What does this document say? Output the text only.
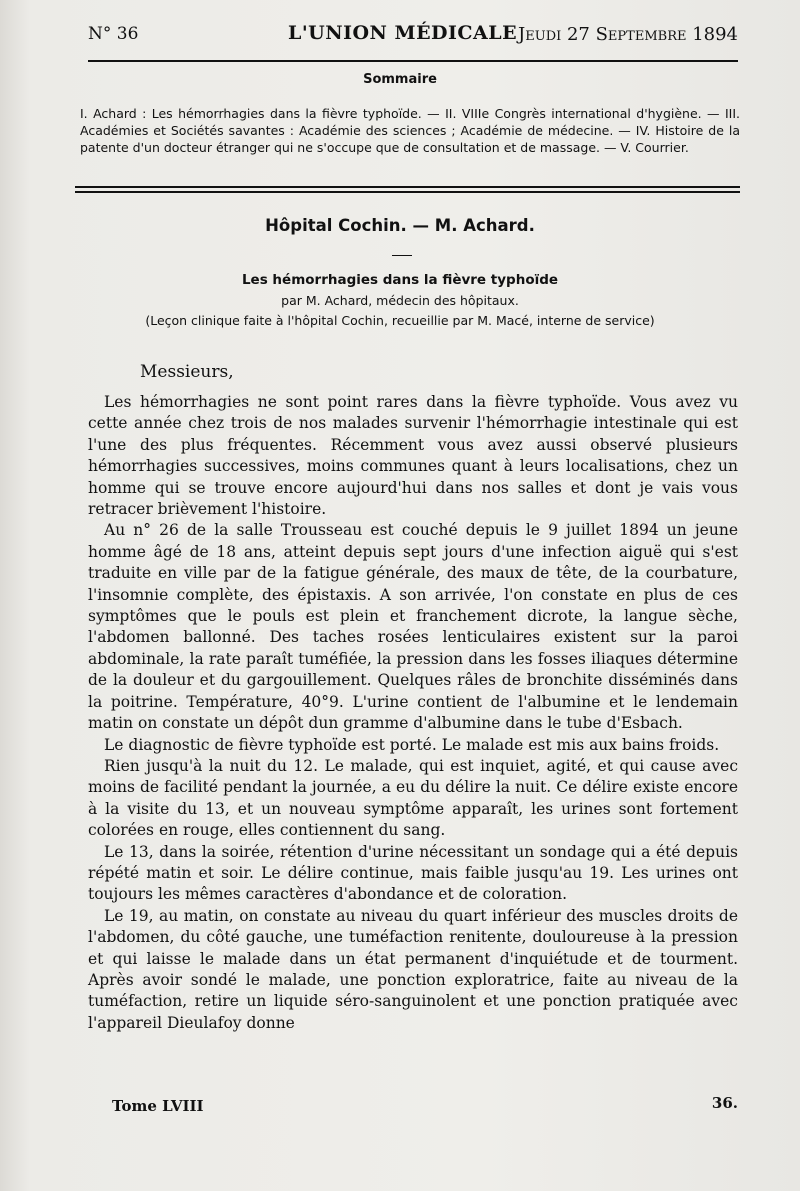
N° 36	L'UNION MÉDICALE Jeudi 27 Septembre 1894
Sommaire

I. Achard : Les hémorrhagies dans la fièvre typhoïde. — II. VIIIe Congrès international d'hygiène. — III. Académies et Sociétés savantes : Académie des sciences ; Académie de médecine. — IV. Histoire de la patente d'un docteur étranger qui ne s'occupe que de consultation et de massage. — V. Courrier.

Hôpital Cochin. — M. Achard.
Les hémorrhagies dans la fièvre typhoïde
par M. Achard, médecin des hôpitaux.
(Leçon clinique faite à l'hôpital Cochin, recueillie par M. Macé, interne de service)
Messieurs,

Les hémorrhagies ne sont point rares dans la fièvre typhoïde. Vous avez vu cette année chez trois de nos malades survenir l'hémorrhagie intestinale qui est l'une des plus fréquentes. Récemment vous avez aussi observé plusieurs hémorrhagies successives, moins communes quant à leurs localisations, chez un homme qui se trouve encore aujourd'hui dans nos salles et dont je vais vous retracer brièvement l'histoire.

Au n° 26 de la salle Trousseau est couché depuis le 9 juillet 1894 un jeune homme âgé de 18 ans, atteint depuis sept jours d'une infection aiguë qui s'est traduite en ville par de la fatigue générale, des maux de tête, de la courbature, l'insomnie complète, des épistaxis. A son arrivée, l'on constate en plus de ces symptômes que le pouls est plein et franchement dicrote, la langue sèche, l'abdomen ballonné. Des taches rosées lenticulaires existent sur la paroi abdominale, la rate paraît tuméfiée, la pression dans les fosses iliaques détermine de la douleur et du gargouillement. Quelques râles de bronchite disséminés dans la poitrine. Température, 40°9. L'urine contient de l'albumine et le lendemain matin on constate un dépôt dun gramme d'albumine dans le tube d'Esbach.

Le diagnostic de fièvre typhoïde est porté. Le malade est mis aux bains froids.

Rien jusqu'à la nuit du 12. Le malade, qui est inquiet, agité, et qui cause avec moins de facilité pendant la journée, a eu du délire la nuit. Ce délire existe encore à la visite du 13, et un nouveau symptôme apparaît, les urines sont fortement colorées en rouge, elles contiennent du sang.

Le 13, dans la soirée, rétention d'urine nécessitant un sondage qui a été depuis répété matin et soir. Le délire continue, mais faible jusqu'au 19. Les urines ont toujours les mêmes caractères d'abondance et de coloration.

Le 19, au matin, on constate au niveau du quart inférieur des muscles droits de l'abdomen, du côté gauche, une tuméfaction renitente, douloureuse à la pression et qui laisse le malade dans un état permanent d'inquiétude et de tourment. Après avoir sondé le malade, une ponction exploratrice, faite au niveau de la tuméfaction, retire un liquide séro-sanguinolent et une ponction pratiquée avec l'appareil Dieulafoy donne

Tome LVIII	36.
